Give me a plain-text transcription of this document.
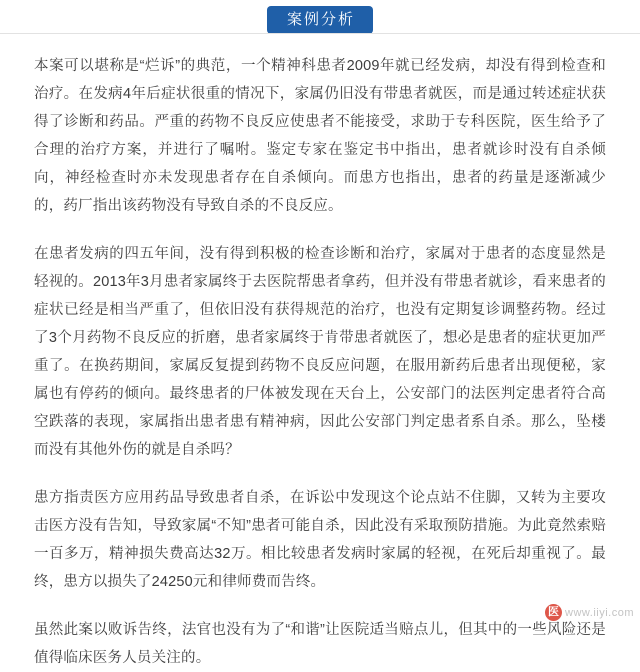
案例分析

本案可以堪称是“烂诉”的典范，一个精神科患者2009年就已经发病，却没有得到检查和治疗。在发病4年后症状很重的情况下，家属仍旧没有带患者就医，而是通过转述症状获得了诊断和药品。严重的药物不良反应使患者不能接受，求助于专科医院，医生给予了合理的治疗方案，并进行了嘱咐。鉴定专家在鉴定书中指出，患者就诊时没有自杀倾向，神经检查时亦未发现患者存在自杀倾向。而患方也指出，患者的药量是逐渐减少的，药厂指出该药物没有导致自杀的不良反应。

在患者发病的四五年间，没有得到积极的检查诊断和治疗，家属对于患者的态度显然是轻视的。2013年3月患者家属终于去医院帮患者拿药，但并没有带患者就诊，看来患者的症状已经是相当严重了，但依旧没有获得规范的治疗，也没有定期复诊调整药物。经过了3个月药物不良反应的折磨，患者家属终于肯带患者就医了，想必是患者的症状更加严重了。在换药期间，家属反复提到药物不良反应问题，在服用新药后患者出现便秘，家属也有停药的倾向。最终患者的尸体被发现在天台上，公安部门的法医判定患者符合高空跌落的表现，家属指出患者患有精神病，因此公安部门判定患者系自杀。那么，坠楼而没有其他外伤的就是自杀吗？

患方指责医方应用药品导致患者自杀，在诉讼中发现这个论点站不住脚，又转为主要攻击医方没有告知，导致家属“不知”患者可能自杀，因此没有采取预防措施。为此竟然索赔一百多万，精神损失费高达32万。相比较患者发病时家属的轻视，在死后却重视了。最终，患方以损失了24250元和律师费而告终。

虽然此案以败诉告终，法官也没有为了“和谐”让医院适当赔点儿，但其中的一些风险还是值得临床医务人员关注的。

医 www.iiyi.com
